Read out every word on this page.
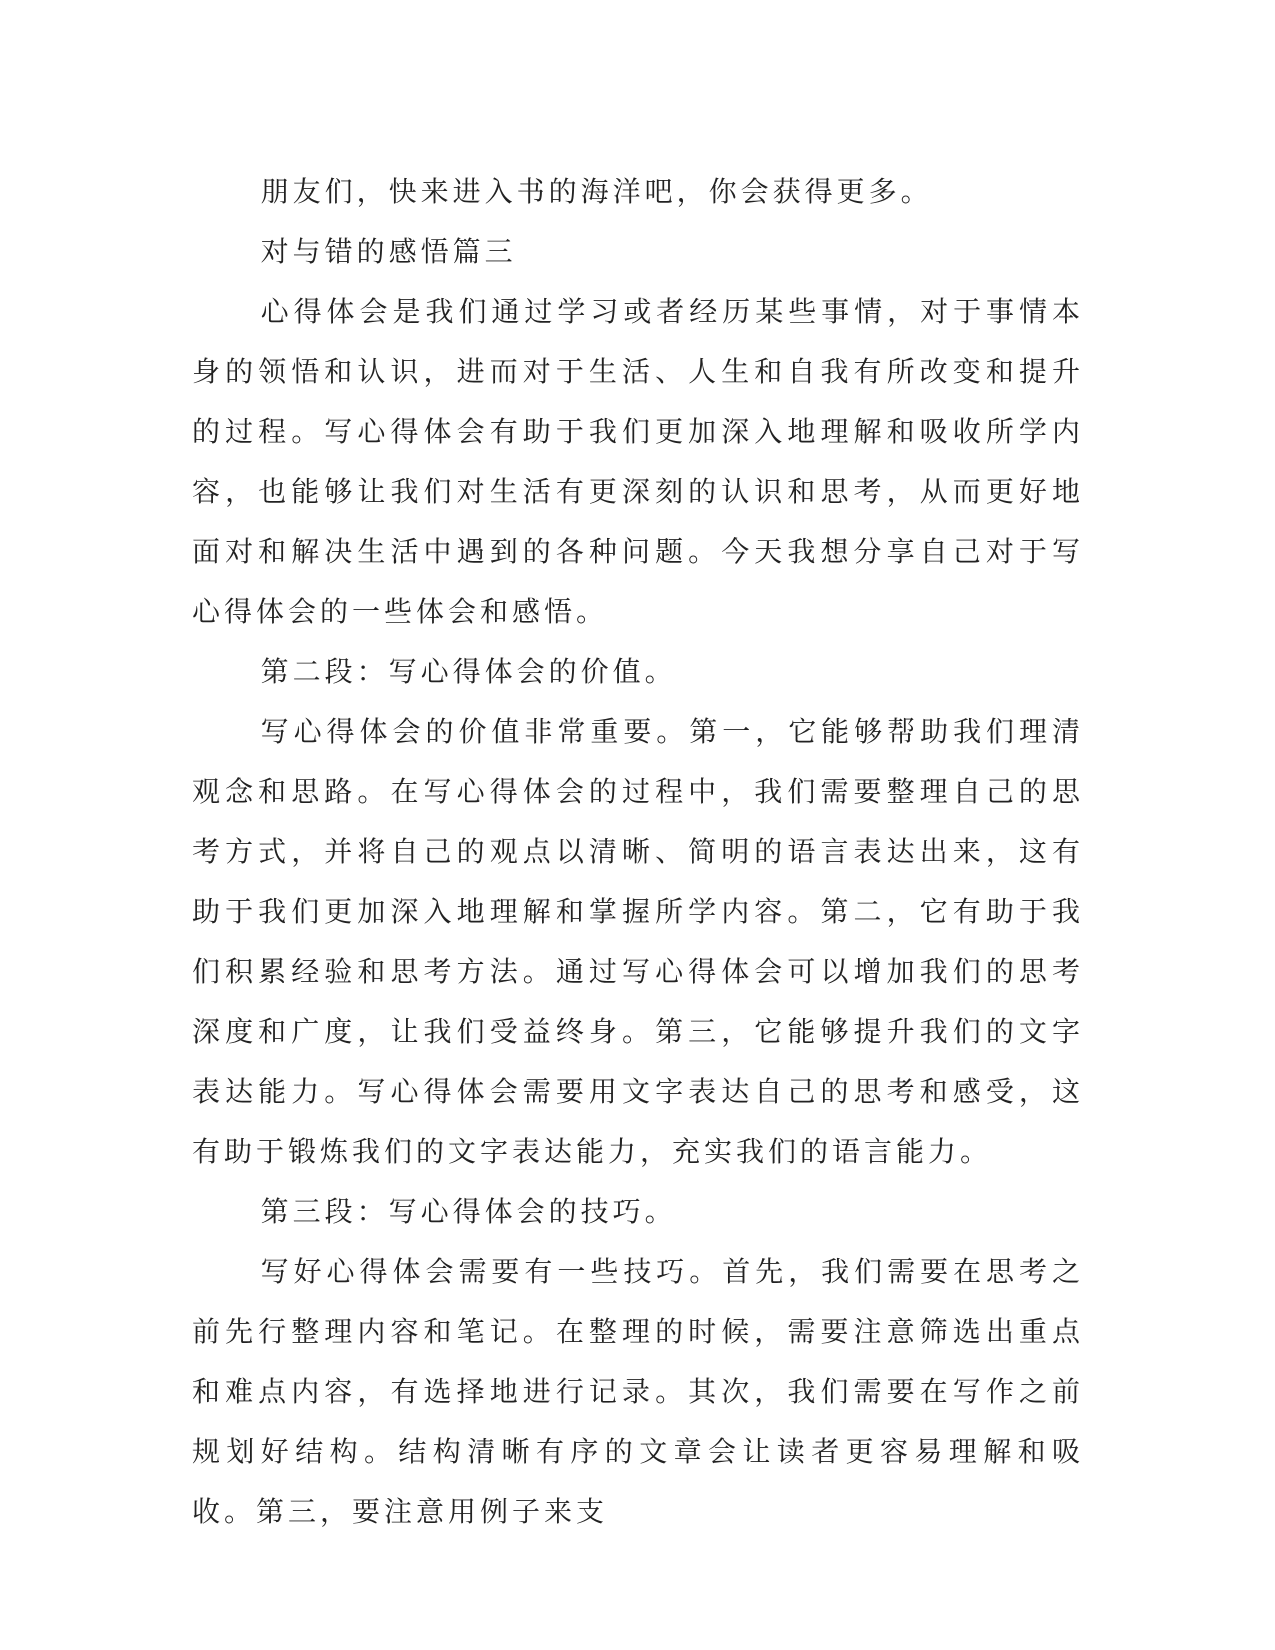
朋友们，快来进入书的海洋吧，你会获得更多。

对与错的感悟篇三

心得体会是我们通过学习或者经历某些事情，对于事情本身的领悟和认识，进而对于生活、人生和自我有所改变和提升的过程。写心得体会有助于我们更加深入地理解和吸收所学内容，也能够让我们对生活有更深刻的认识和思考，从而更好地面对和解决生活中遇到的各种问题。今天我想分享自己对于写心得体会的一些体会和感悟。

第二段：写心得体会的价值。

写心得体会的价值非常重要。第一，它能够帮助我们理清观念和思路。在写心得体会的过程中，我们需要整理自己的思考方式，并将自己的观点以清晰、简明的语言表达出来，这有助于我们更加深入地理解和掌握所学内容。第二，它有助于我们积累经验和思考方法。通过写心得体会可以增加我们的思考深度和广度，让我们受益终身。第三，它能够提升我们的文字表达能力。写心得体会需要用文字表达自己的思考和感受，这有助于锻炼我们的文字表达能力，充实我们的语言能力。

第三段：写心得体会的技巧。

写好心得体会需要有一些技巧。首先，我们需要在思考之前先行整理内容和笔记。在整理的时候，需要注意筛选出重点和难点内容，有选择地进行记录。其次，我们需要在写作之前规划好结构。结构清晰有序的文章会让读者更容易理解和吸收。第三，要注意用例子来支
